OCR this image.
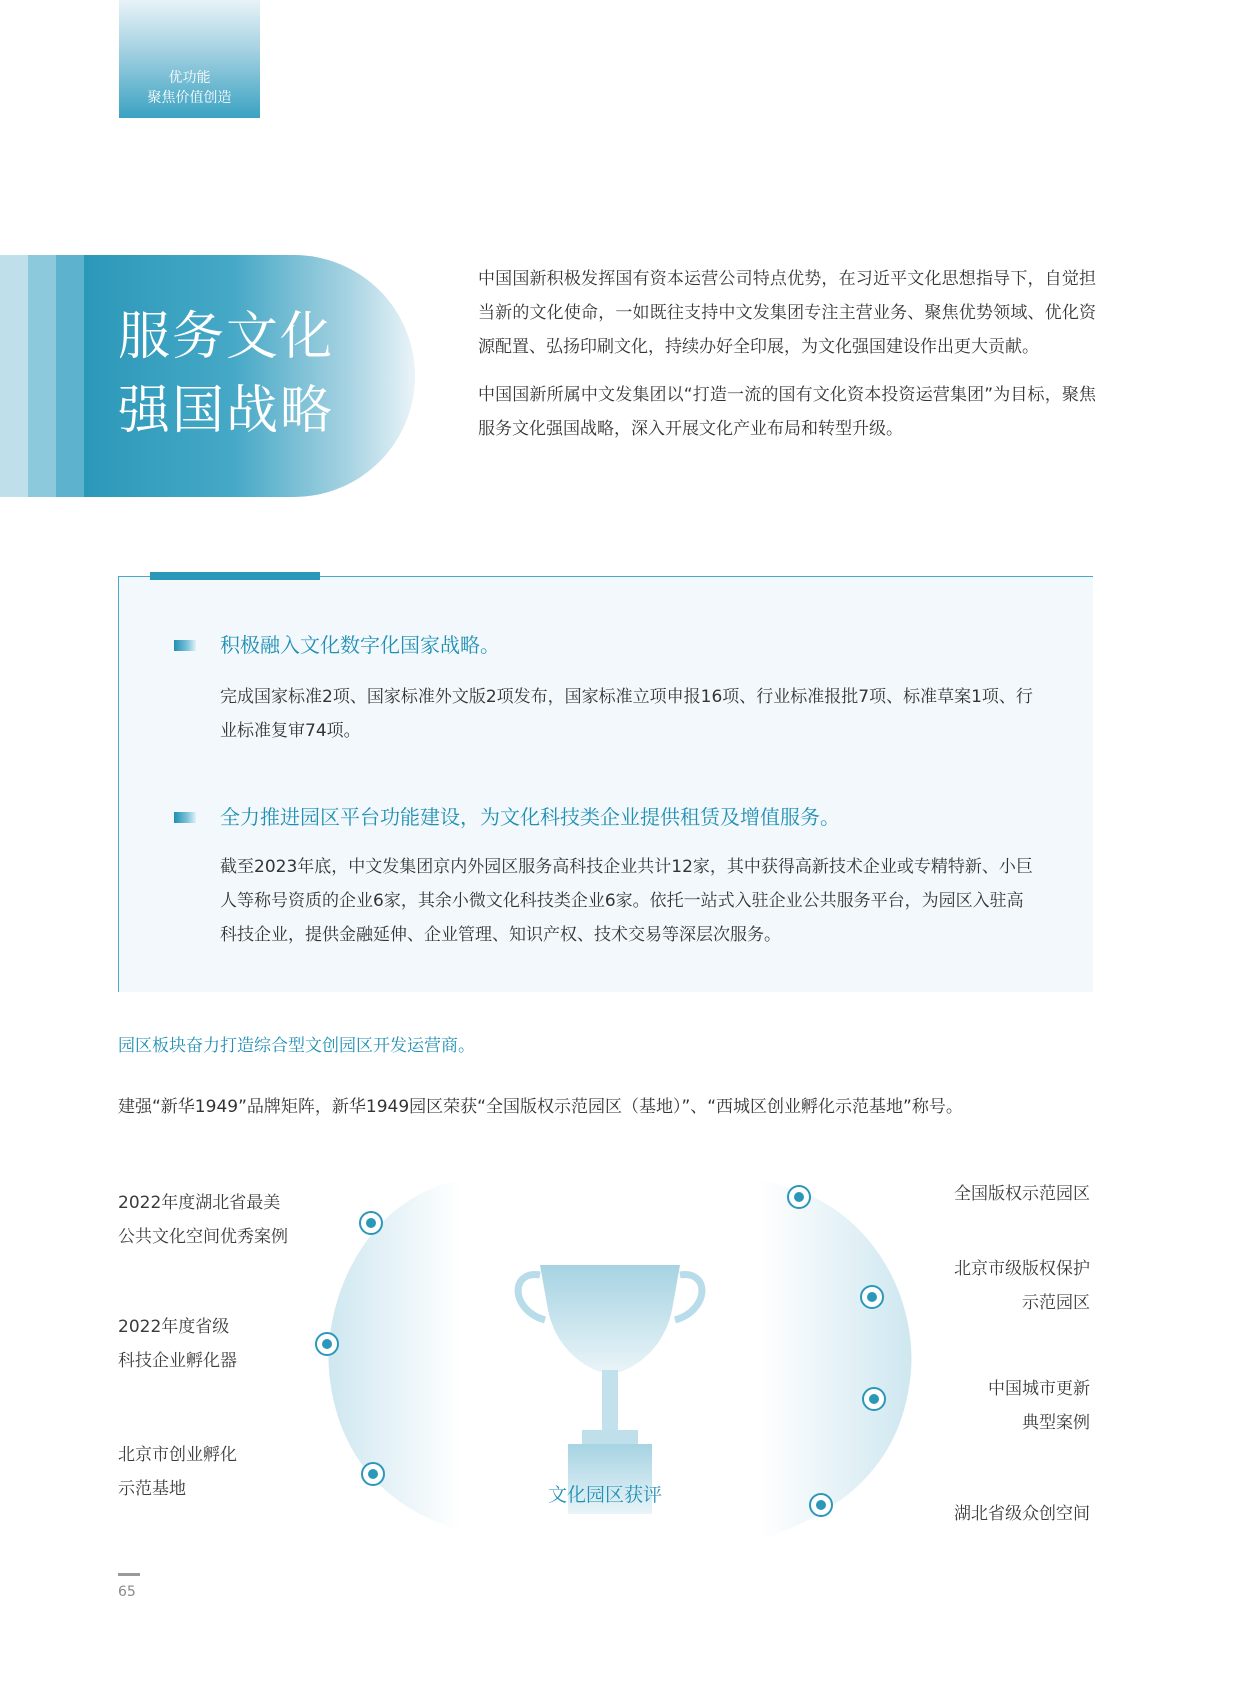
优功能
聚焦价值创造
服务文化
强国战略

中国国新积极发挥国有资本运营公司特点优势，在习近平文化思想指导下，自觉担当新的文化使命，一如既往支持中文发集团专注主营业务、聚焦优势领域、优化资源配置、弘扬印刷文化，持续办好全印展，为文化强国建设作出更大贡献。

中国国新所属中文发集团以“打造一流的国有文化资本投资运营集团”为目标，聚焦服务文化强国战略，深入开展文化产业布局和转型升级。

积极融入文化数字化国家战略。
完成国家标准2项、国家标准外文版2项发布，国家标准立项申报16项、行业标准报批7项、标准草案1项、行业标准复审74项。
全力推进园区平台功能建设，为文化科技类企业提供租赁及增值服务。
截至2023年底，中文发集团京内外园区服务高科技企业共计12家，其中获得高新技术企业或专精特新、小巨人等称号资质的企业6家，其余小微文化科技类企业6家。依托一站式入驻企业公共服务平台，为园区入驻高科技企业，提供金融延伸、企业管理、知识产权、技术交易等深层次服务。
园区板块奋力打造综合型文创园区开发运营商。
建强“新华1949”品牌矩阵，新华1949园区荣获“全国版权示范园区（基地）”、“西城区创业孵化示范基地”称号。
文化园区获评
2022年度湖北省最美
公共文化空间优秀案例
2022年度省级
科技企业孵化器
北京市创业孵化
示范基地
全国版权示范园区
北京市级版权保护
示范园区
中国城市更新
典型案例
湖北省级众创空间
65
